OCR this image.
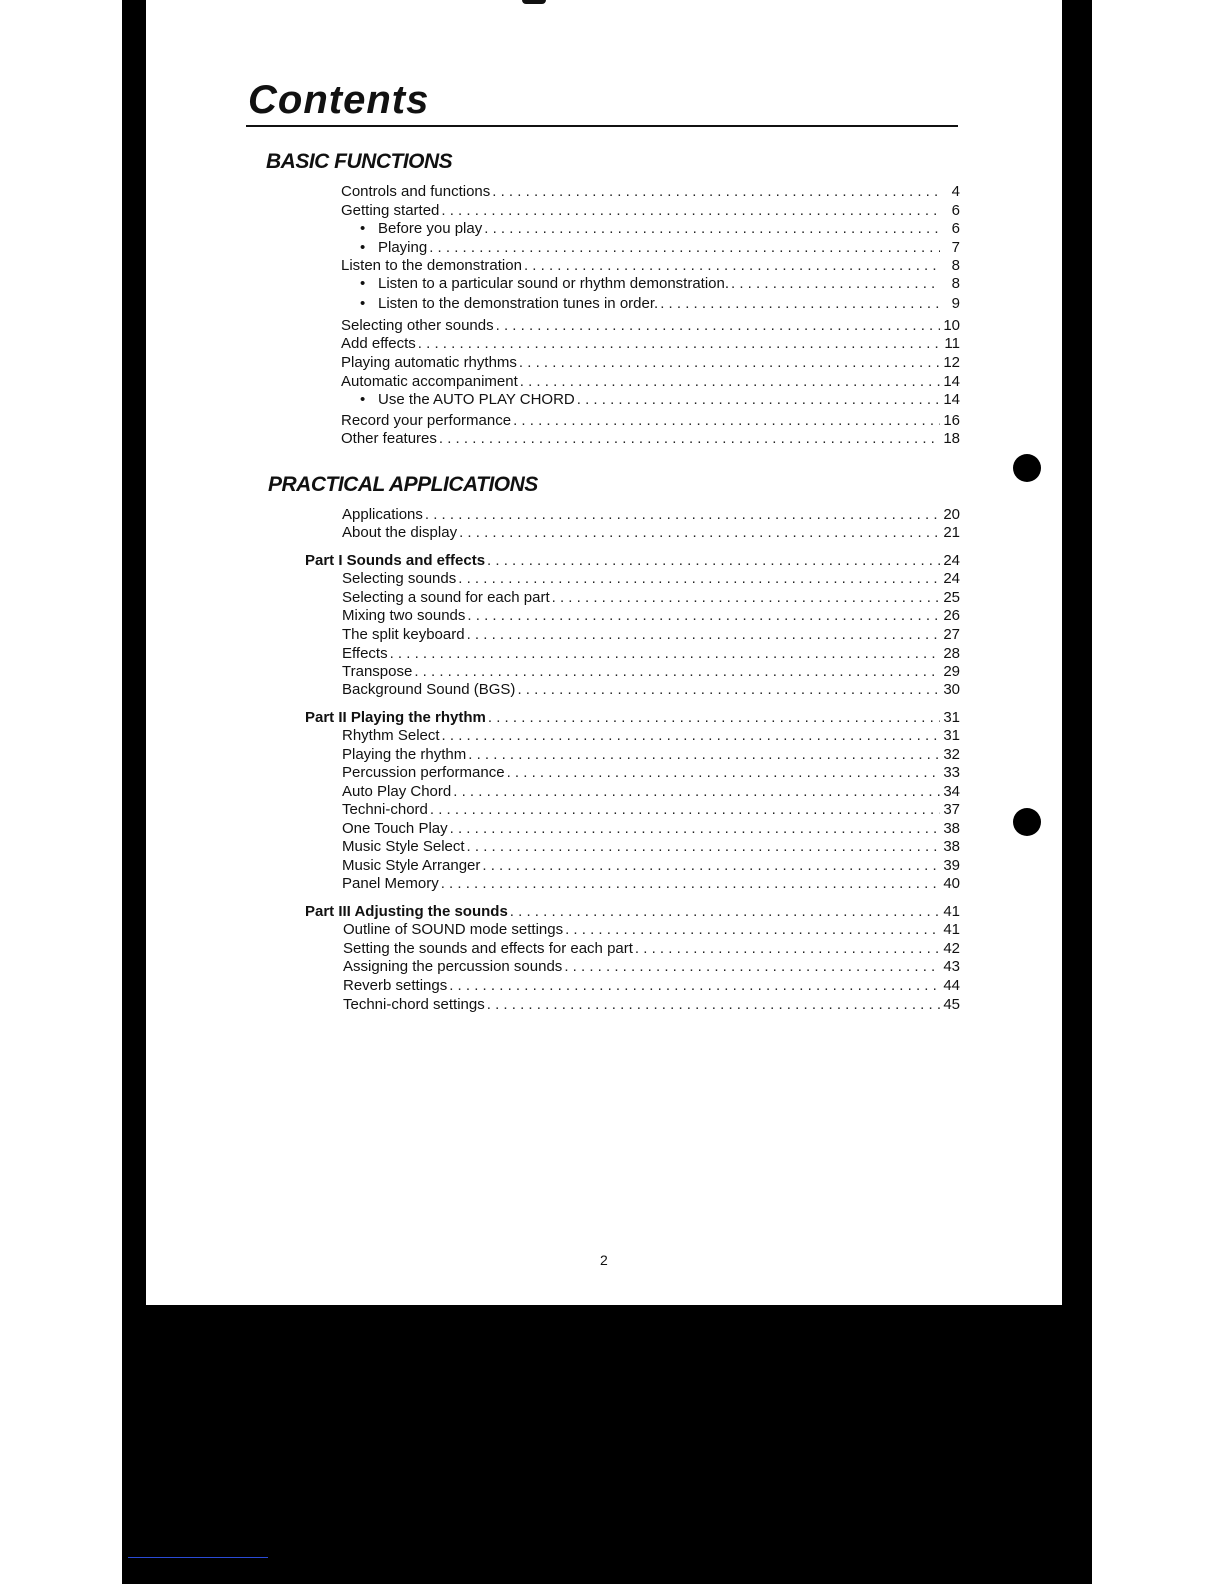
Contents
BASIC FUNCTIONS
PRACTICAL APPLICATIONS
Controls and functions . . .	4
Getting started . . .	6
• Before you play . . .	6
• Playing . . .	7
Listen to the demonstration . . .	8
• Listen to a particular sound or rhythm demonstration. . . .	8
• Listen to the demonstration tunes in order. . . .	9
Selecting other sounds . . .	10
Add effects . . .	11
Playing automatic rhythms . . .	12
Automatic accompaniment . . .	14
• Use the AUTO PLAY CHORD . . .	14
Record your performance . . .	16
Other features . . .	18
Applications . . .	20
About the display . . .	21
Part I Sounds and effects . . .	24
Selecting sounds . . .	24
Selecting a sound for each part . . .	25
Mixing two sounds . . .	26
The split keyboard . . .	27
Effects . . .	28
Transpose . . .	29
Background Sound (BGS) . . .	30
Part II Playing the rhythm . . .	31
Rhythm Select . . .	31
Playing the rhythm . . .	32
Percussion performance . . .	33
Auto Play Chord . . .	34
Techni-chord . . .	37
One Touch Play . . .	38
Music Style Select . . .	38
Music Style Arranger . . .	39
Panel Memory . . .	40
Part III Adjusting the sounds . . .	41
Outline of SOUND mode settings . . .	41
Setting the sounds and effects for each part . . .	42
Assigning the percussion sounds . . .	43
Reverb settings . . .	44
Techni-chord settings . . .	45
2
